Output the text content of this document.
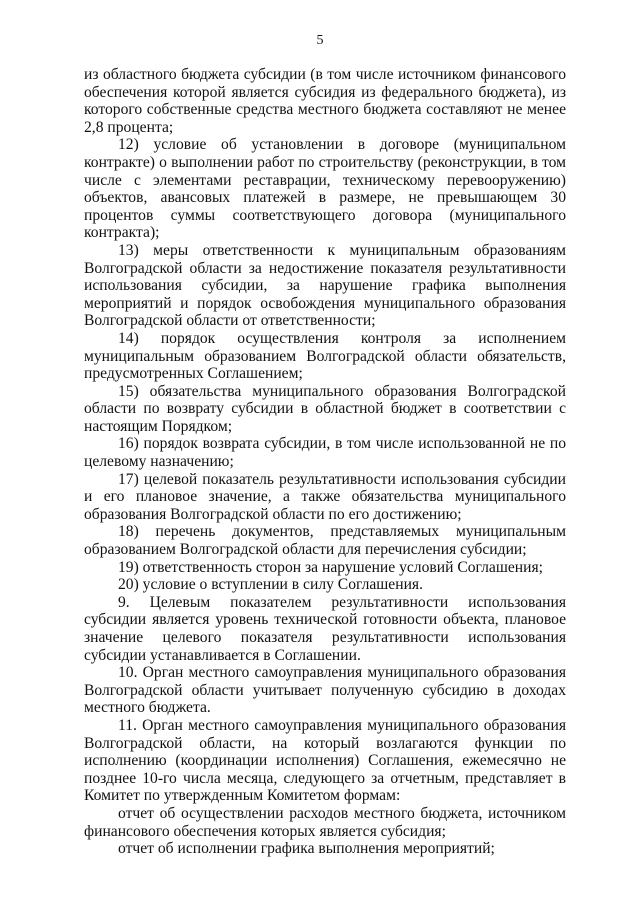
5

из областного бюджета субсидии (в том числе источником финансового обеспечения которой является субсидия из федерального бюджета), из которого собственные средства местного бюджета составляют не менее 2,8 процента;

12) условие об установлении в договоре (муниципальном контракте) о выполнении работ по строительству (реконструкции, в том числе с элементами реставрации, техническому перевооружению) объектов, авансовых платежей в размере, не превышающем 30 процентов суммы соответствующего договора (муниципального контракта);

13) меры ответственности к муниципальным образованиям Волгоградской области за недостижение показателя результативности использования субсидии, за нарушение графика выполнения мероприятий и порядок освобождения муниципального образования Волгоградской области от ответственности;

14) порядок осуществления контроля за исполнением муниципальным образованием Волгоградской области обязательств, предусмотренных Соглашением;

15) обязательства муниципального образования Волгоградской области по возврату субсидии в областной бюджет в соответствии с настоящим Порядком;

16) порядок возврата субсидии, в том числе использованной не по целевому назначению;

17) целевой показатель результативности использования субсидии и его плановое значение, а также обязательства муниципального образования Волгоградской области по его достижению;

18) перечень документов, представляемых муниципальным образованием Волгоградской области для перечисления субсидии;

19) ответственность сторон за нарушение условий Соглашения;

20) условие о вступлении в силу Соглашения.

9. Целевым показателем результативности использования субсидии является уровень технической готовности объекта, плановое значение целевого показателя результативности использования субсидии устанавливается в Соглашении.

10. Орган местного самоуправления муниципального образования Волгоградской области учитывает полученную субсидию в доходах местного бюджета.

11. Орган местного самоуправления муниципального образования Волгоградской области, на который возлагаются функции по исполнению (координации исполнения) Соглашения, ежемесячно не позднее 10-го числа месяца, следующего за отчетным, представляет в Комитет по утвержденным Комитетом формам:

отчет об осуществлении расходов местного бюджета, источником финансового обеспечения которых является субсидия;

отчет об исполнении графика выполнения мероприятий;
